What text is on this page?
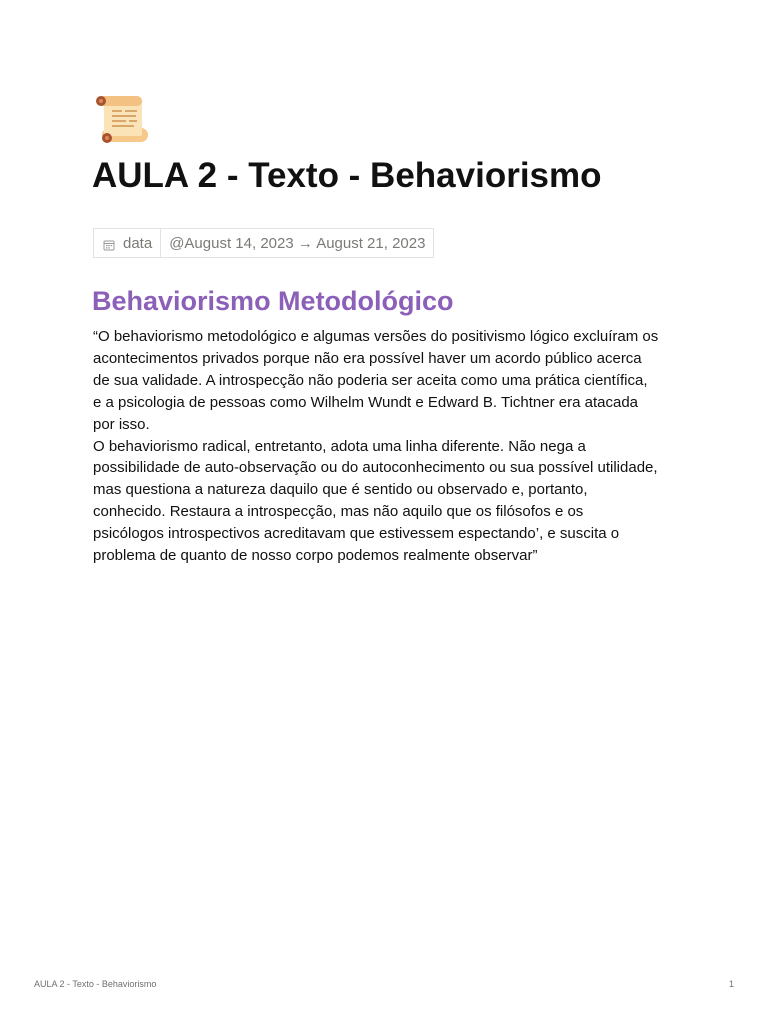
AULA 2 - Texto - Behaviorismo
data	@August 14, 2023 → August 21, 2023
Behaviorismo Metodológico

“O behaviorismo metodológico e algumas versões do positivismo lógico excluíram os
acontecimentos privados porque não era possível haver um acordo público acerca
de sua validade. A introspecção não poderia ser aceita como uma prática científica,
e a psicologia de pessoas como Wilhelm Wundt e Edward B. Tichtner era atacada
por isso.
O behaviorismo radical, entretanto, adota uma linha diferente. Não nega a
possibilidade de auto-observação ou do autoconhecimento ou sua possível utilidade,
mas questiona a natureza daquilo que é sentido ou observado e, portanto,
conhecido. Restaura a introspecção, mas não aquilo que os filósofos e os
psicólogos introspectivos acreditavam que estivessem espectando’, e suscita o
problema de quanto de nosso corpo podemos realmente observar”

AULA 2 - Texto - Behaviorismo	1
